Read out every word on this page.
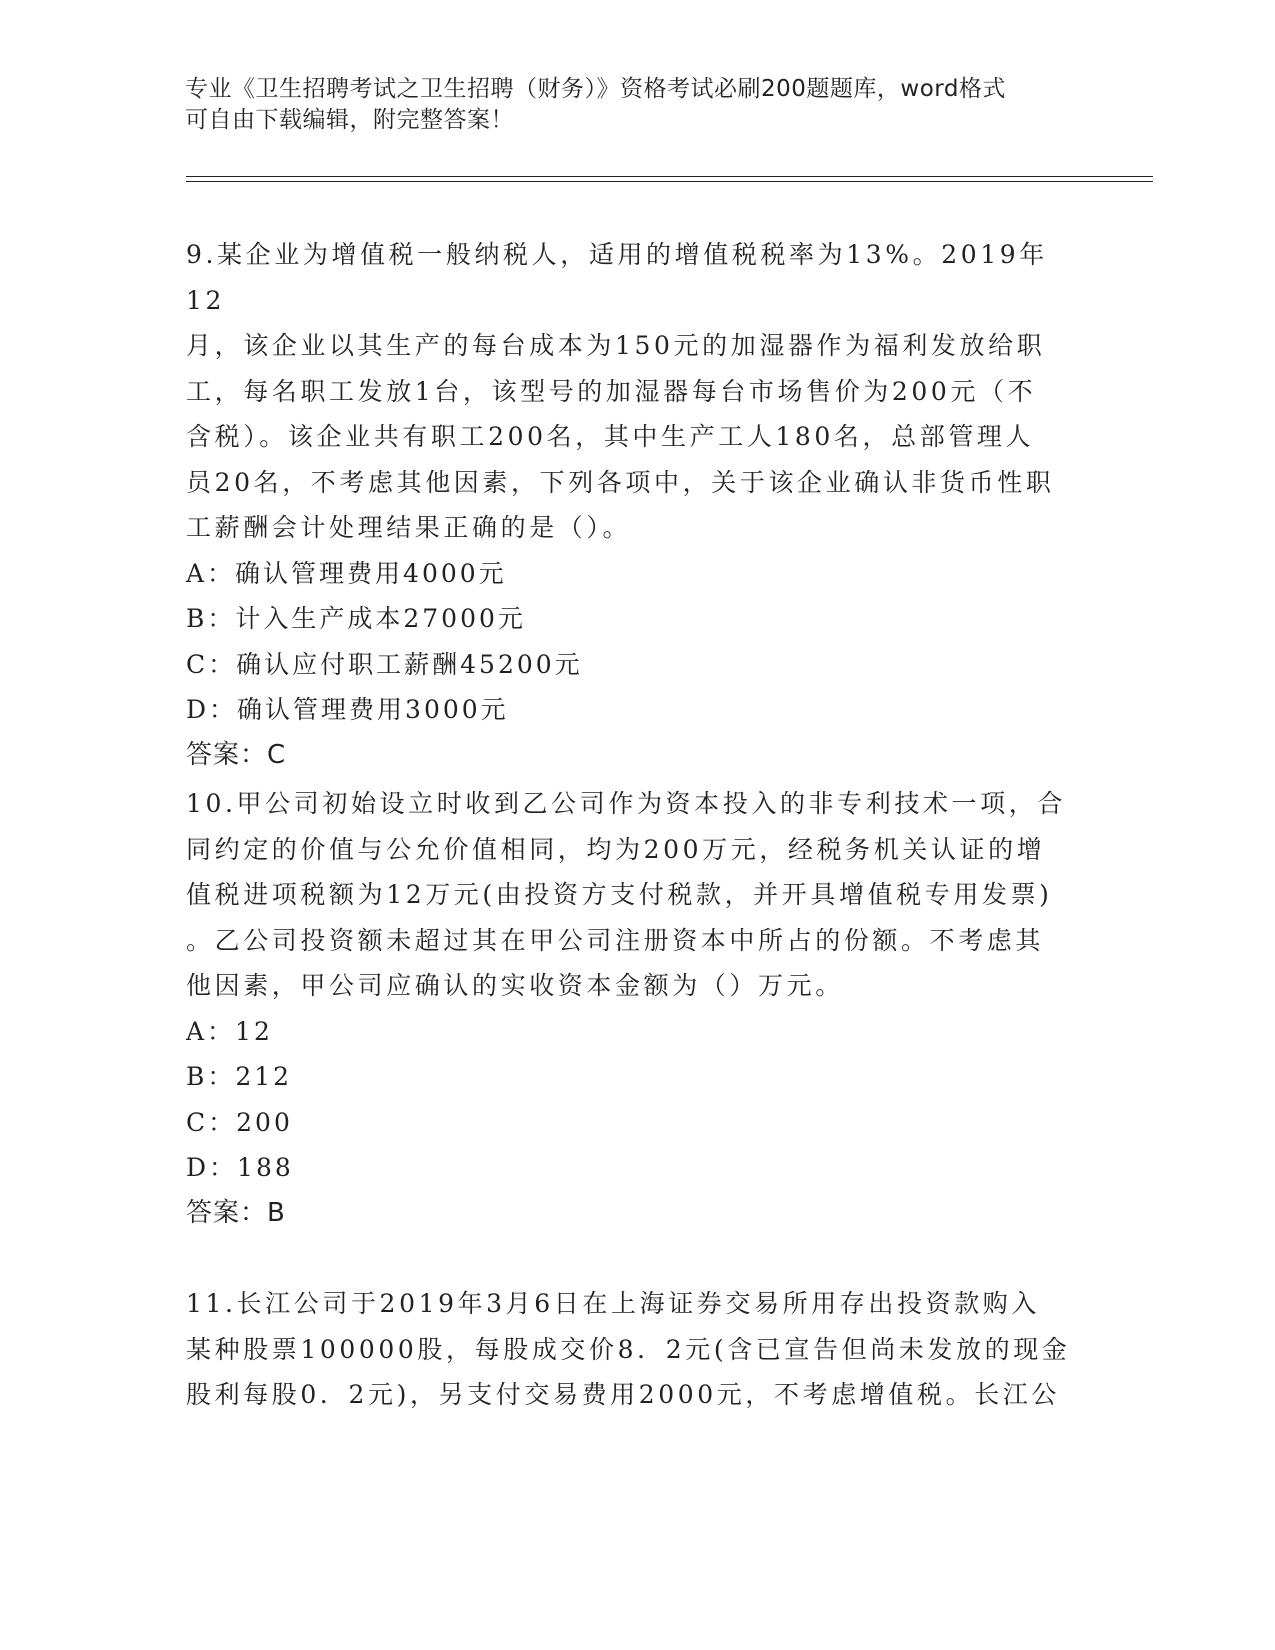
专业《卫生招聘考试之卫生招聘（财务）》资格考试必刷200题题库，word格式
可自由下载编辑，附完整答案！

9.某企业为增值税一般纳税人，适用的增值税税率为13%。2019年12

月，该企业以其生产的每台成本为150元的加湿器作为福利发放给职

工，每名职工发放1台，该型号的加湿器每台市场售价为200元（不

含税）。该企业共有职工200名，其中生产工人180名，总部管理人

员20名，不考虑其他因素，下列各项中，关于该企业确认非货币性职

工薪酬会计处理结果正确的是（）。

A：确认管理费用4000元

B：计入生产成本27000元

C：确认应付职工薪酬45200元

D：确认管理费用3000元

答案：C

10.甲公司初始设立时收到乙公司作为资本投入的非专利技术一项，合

同约定的价值与公允价值相同，均为200万元，经税务机关认证的增

值税进项税额为12万元(由投资方支付税款，并开具增值税专用发票)

。乙公司投资额未超过其在甲公司注册资本中所占的份额。不考虑其

他因素，甲公司应确认的实收资本金额为（）万元。

A：12

B：212

C：200

D：188

答案：B

11.长江公司于2019年3月6日在上海证券交易所用存出投资款购入

某种股票100000股，每股成交价8．2元(含已宣告但尚未发放的现金

股利每股0．2元)，另支付交易费用2000元，不考虑增值税。长江公
